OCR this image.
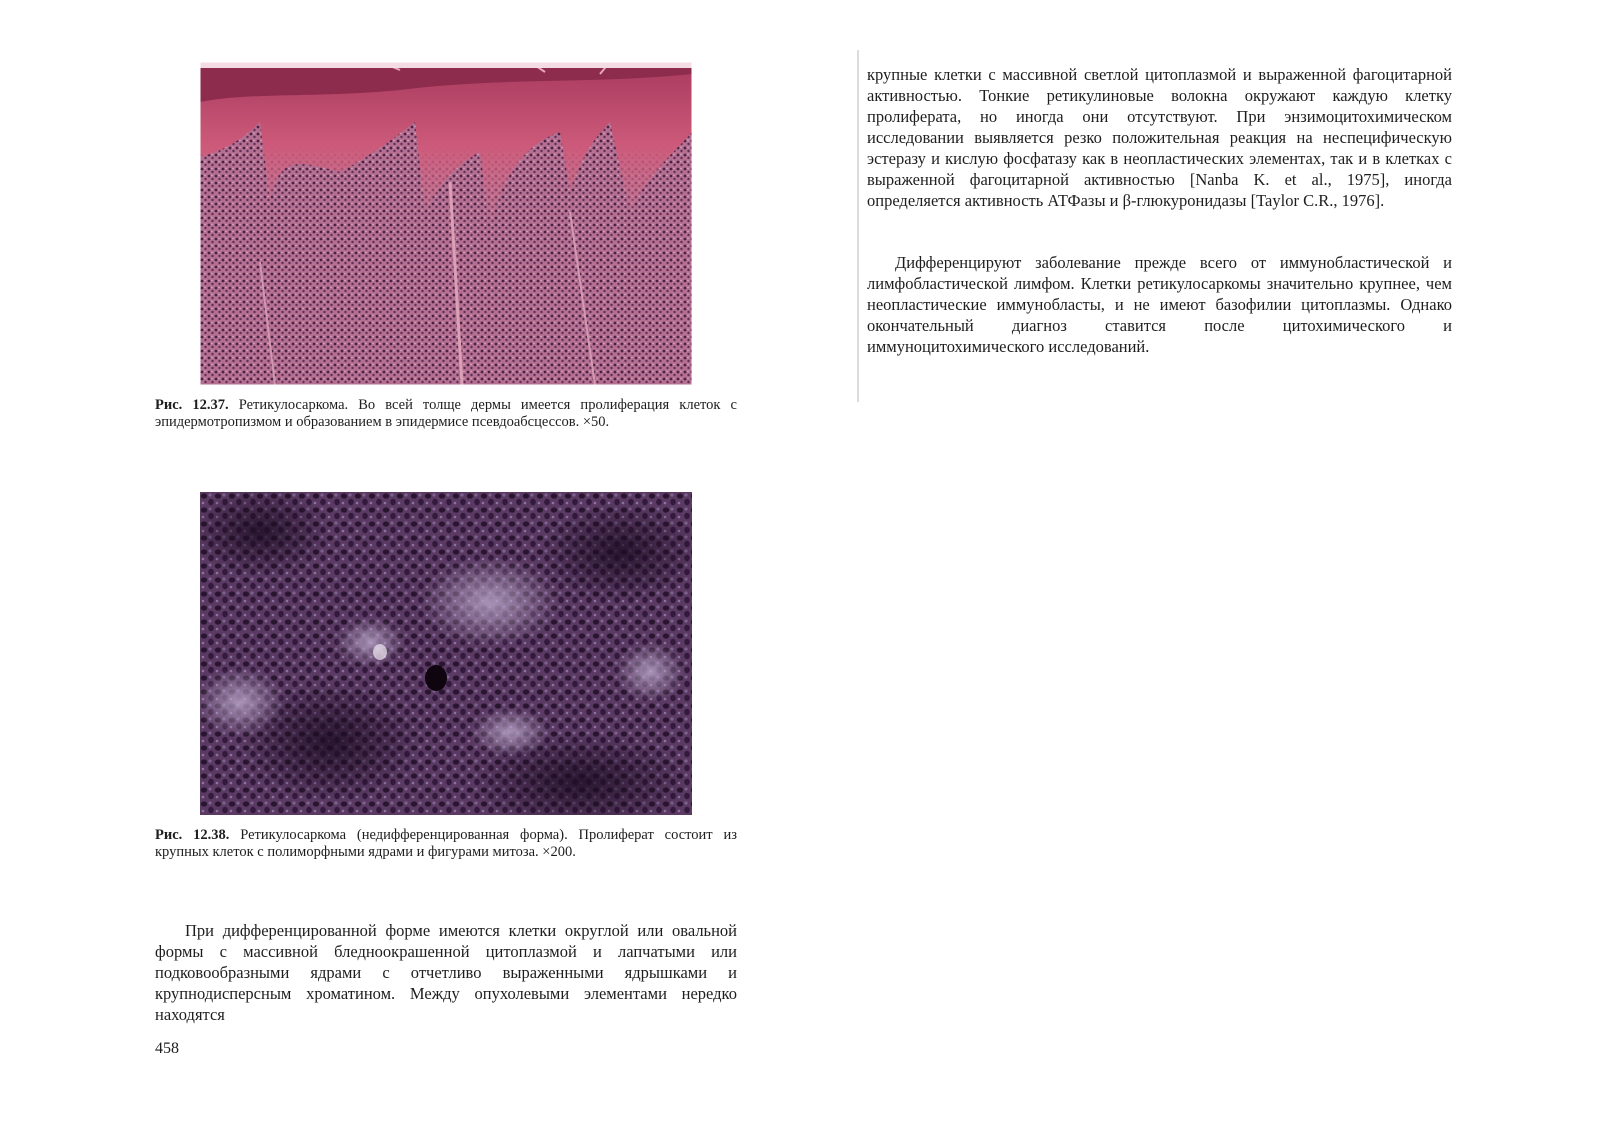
Рис. 12.37. Ретикулосаркома. Во всей толще дермы имеется пролиферация клеток с эпидермотропизмом и образованием в эпидермисе псевдоабсцессов. ×50.
Рис. 12.38. Ретикулосаркома (недифференцированная форма). Пролиферат состоит из крупных клеток с полиморфными ядрами и фигурами митоза. ×200.

При дифференцированной форме имеются клетки округлой или овальной формы с массивной бледноокрашенной цитоплазмой и лапчатыми или подковообразными ядрами с отчетливо выраженными ядрышками и крупнодисперсным хроматином. Между опухолевыми элементами нередко находятся

458

крупные клетки с массивной светлой цитоплазмой и выраженной фагоцитарной активностью. Тонкие ретикулиновые волокна окружают каждую клетку пролиферата, но иногда они отсутствуют. При энзимоцитохимическом исследовании выявляется резко положительная реакция на неспецифическую эстеразу и кислую фосфатазу как в неопластических элементах, так и в клетках с выраженной фагоцитарной активностью [Nanba K. et al., 1975], иногда определяется активность АТФазы и β-глюкуронидазы [Taylor C.R., 1976].

Дифференцируют заболевание прежде всего от иммунобластической и лимфобластической лимфом. Клетки ретикулосаркомы значительно крупнее, чем неопластические иммунобласты, и не имеют базофилии цитоплазмы. Однако окончательный диагноз ставится после цитохимического и иммуноцитохимического исследований.
